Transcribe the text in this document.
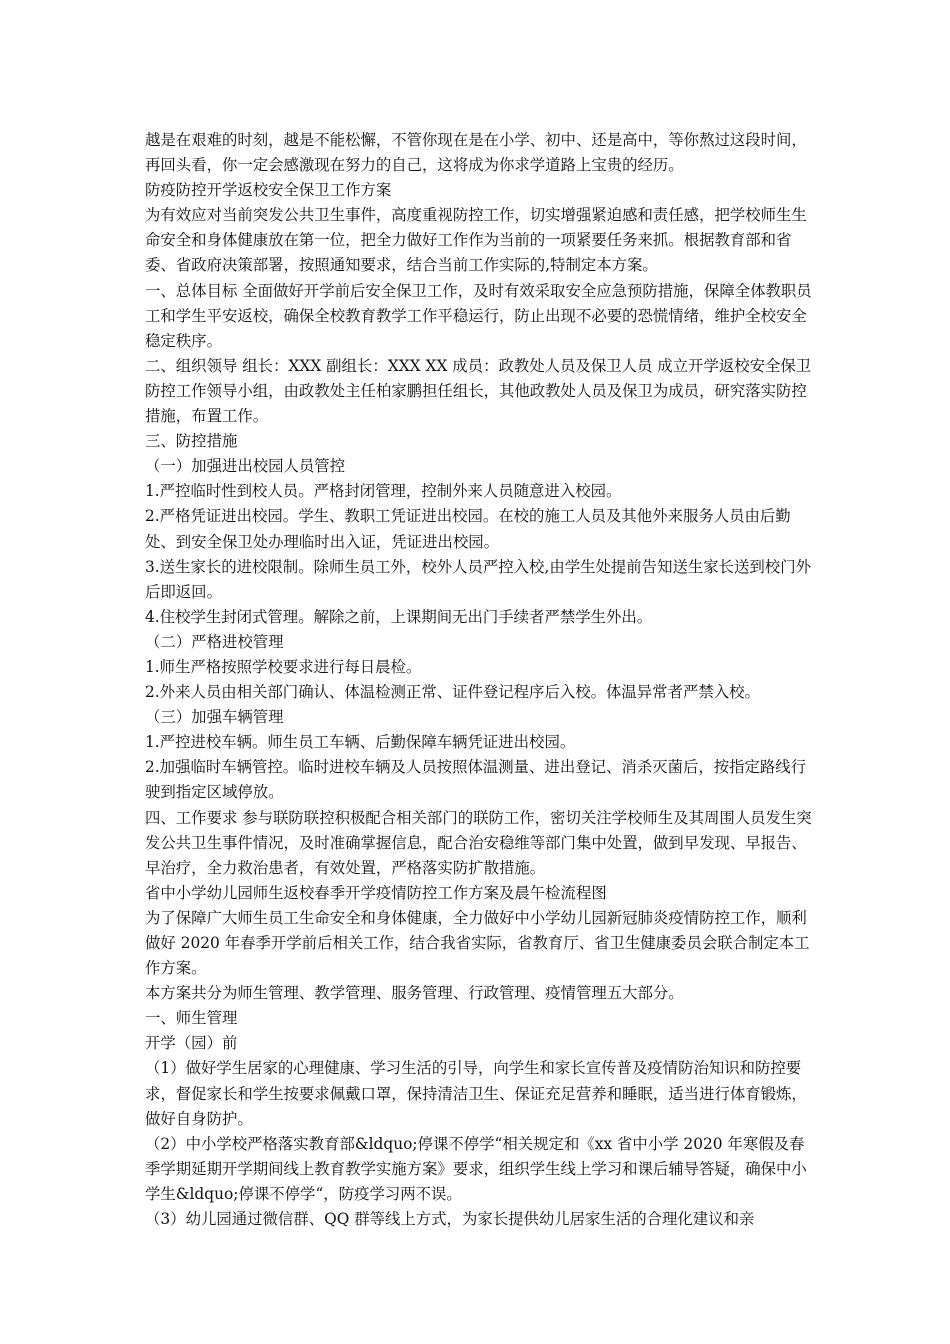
越是在艰难的时刻，越是不能松懈，不管你现在是在小学、初中、还是高中，等你熬过这段时间，再回头看，你一定会感激现在努力的自己，这将成为你求学道路上宝贵的经历。

防疫防控开学返校安全保卫工作方案

为有效应对当前突发公共卫生事件，高度重视防控工作，切实增强紧迫感和责任感，把学校师生生命安全和身体健康放在第一位，把全力做好工作作为当前的一项紧要任务来抓。根据教育部和省委、省政府决策部署，按照通知要求，结合当前工作实际的,特制定本方案。

一、总体目标 全面做好开学前后安全保卫工作，及时有效采取安全应急预防措施，保障全体教职员工和学生平安返校，确保全校教育教学工作平稳运行，防止出现不必要的恐慌情绪，维护全校安全稳定秩序。

二、组织领导 组长：XXX 副组长：XXX XX 成员：政教处人员及保卫人员 成立开学返校安全保卫防控工作领导小组，由政教处主任柏家鹏担任组长，其他政教处人员及保卫为成员，研究落实防控措施，布置工作。

三、防控措施

（一）加强进出校园人员管控

1.严控临时性到校人员。严格封闭管理，控制外来人员随意进入校园。

2.严格凭证进出校园。学生、教职工凭证进出校园。在校的施工人员及其他外来服务人员由后勤处、到安全保卫处办理临时出入证，凭证进出校园。

3.送生家长的进校限制。除师生员工外，校外人员严控入校,由学生处提前告知送生家长送到校门外后即返回。

4.住校学生封闭式管理。解除之前，上课期间无出门手续者严禁学生外出。

（二）严格进校管理

1.师生严格按照学校要求进行每日晨检。

2.外来人员由相关部门确认、体温检测正常、证件登记程序后入校。体温异常者严禁入校。

（三）加强车辆管理

1.严控进校车辆。师生员工车辆、后勤保障车辆凭证进出校园。

2.加强临时车辆管控。临时进校车辆及人员按照体温测量、进出登记、消杀灭菌后，按指定路线行驶到指定区域停放。

四、工作要求 参与联防联控积极配合相关部门的联防工作，密切关注学校师生及其周围人员发生突发公共卫生事件情况，及时准确掌握信息，配合治安稳维等部门集中处置，做到早发现、早报告、早治疗，全力救治患者，有效处置，严格落实防扩散措施。

省中小学幼儿园师生返校春季开学疫情防控工作方案及晨午检流程图

为了保障广大师生员工生命安全和身体健康，全力做好中小学幼儿园新冠肺炎疫情防控工作，顺利做好 2020 年春季开学前后相关工作，结合我省实际，省教育厅、省卫生健康委员会联合制定本工作方案。

本方案共分为师生管理、教学管理、服务管理、行政管理、疫情管理五大部分。

一、师生管理

开学（园）前

（1）做好学生居家的心理健康、学习生活的引导，向学生和家长宣传普及疫情防治知识和防控要求，督促家长和学生按要求佩戴口罩，保持清洁卫生、保证充足营养和睡眠，适当进行体育锻炼，做好自身防护。

（2）中小学校严格落实教育部&ldquo;停课不停学“相关规定和《xx 省中小学 2020 年寒假及春季学期延期开学期间线上教育教学实施方案》要求，组织学生线上学习和课后辅导答疑，确保中小学生&ldquo;停课不停学“，防疫学习两不误。

（3）幼儿园通过微信群、QQ 群等线上方式，为家长提供幼儿居家生活的合理化建议和亲
